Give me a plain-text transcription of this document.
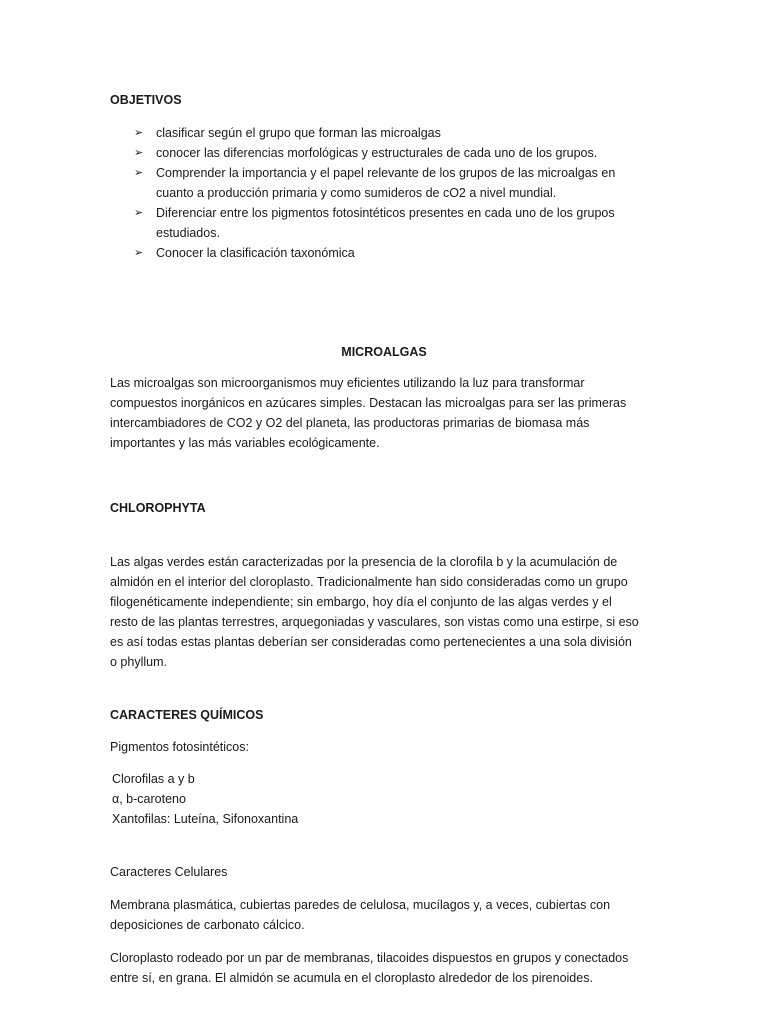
OBJETIVOS

➢ clasificar según el grupo que forman las microalgas
➢ conocer las diferencias morfológicas y estructurales de cada uno de los grupos.
➢ Comprender la importancia y el papel relevante de los grupos de las microalgas en cuanto a producción primaria y como sumideros de cO2 a nivel mundial.
➢ Diferenciar entre los pigmentos fotosintéticos presentes en cada uno de los grupos estudiados.
➢ Conocer la clasificación taxonómica

MICROALGAS

Las microalgas son microorganismos muy eficientes utilizando la luz para transformar compuestos inorgánicos en azúcares simples. Destacan las microalgas para ser las primeras intercambiadores de CO2 y O2 del planeta, las productoras primarias de biomasa más importantes y las más variables ecológicamente.

CHLOROPHYTA

Las algas verdes están caracterizadas por la presencia de la clorofila b y la acumulación de almidón en el interior del cloroplasto. Tradicionalmente han sido consideradas como un grupo filogenéticamente independiente; sin embargo, hoy día el conjunto de las algas verdes y el resto de las plantas terrestres, arquegoniadas y vasculares, son vistas como una estirpe, si eso es así todas estas plantas deberían ser consideradas como pertenecientes a una sola división o phyllum.

CARACTERES QUÍMICOS

Pigmentos fotosintéticos:

Clorofilas a y b
α, b-caroteno
Xantofilas: Luteína, Sifonoxantina

Caracteres Celulares

Membrana plasmática, cubiertas paredes de celulosa, mucílagos y, a veces, cubiertas con deposiciones de carbonato cálcico.

Cloroplasto rodeado por un par de membranas, tilacoides dispuestos en grupos y conectados entre sí, en grana. El almidón se acumula en el cloroplasto alrededor de los pirenoides.
